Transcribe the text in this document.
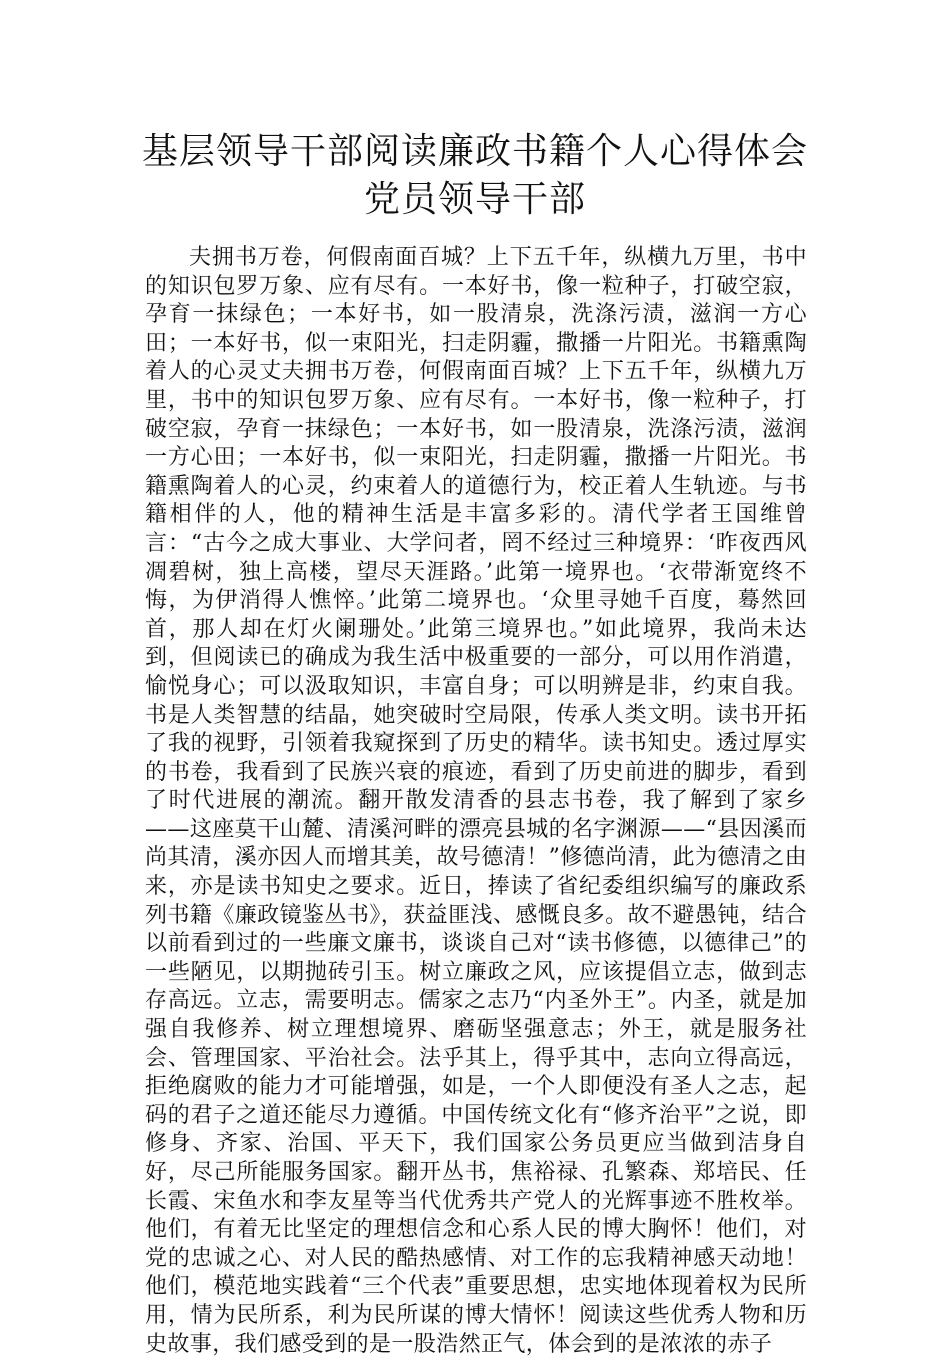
基层领导干部阅读廉政书籍个人心得体会
党员领导干部

夫拥书万卷，何假南面百城？上下五千年，纵横九万里，书中的知识包罗万象、应有尽有。一本好书，像一粒种子，打破空寂，孕育一抹绿色；一本好书，如一股清泉，洗涤污渍，滋润一方心田；一本好书，似一束阳光，扫走阴霾，撒播一片阳光。书籍熏陶着人的心灵丈夫拥书万卷，何假南面百城？上下五千年，纵横九万里，书中的知识包罗万象、应有尽有。一本好书，像一粒种子，打破空寂，孕育一抹绿色；一本好书，如一股清泉，洗涤污渍，滋润一方心田；一本好书，似一束阳光，扫走阴霾，撒播一片阳光。书籍熏陶着人的心灵，约束着人的道德行为，校正着人生轨迹。与书籍相伴的人，他的精神生活是丰富多彩的。清代学者王国维曾言：“古今之成大事业、大学问者，罔不经过三种境界：‘昨夜西风凋碧树，独上高楼，望尽天涯路。’此第一境界也。‘衣带渐宽终不悔，为伊消得人憔悴。’此第二境界也。‘众里寻她千百度，蓦然回首，那人却在灯火阑珊处。’此第三境界也。”如此境界，我尚未达到，但阅读已的确成为我生活中极重要的一部分，可以用作消遣，愉悦身心；可以汲取知识，丰富自身；可以明辨是非，约束自我。书是人类智慧的结晶，她突破时空局限，传承人类文明。读书开拓了我的视野，引领着我窥探到了历史的精华。读书知史。透过厚实的书卷，我看到了民族兴衰的痕迹，看到了历史前进的脚步，看到了时代进展的潮流。翻开散发清香的县志书卷，我了解到了家乡——这座莫干山麓、清溪河畔的漂亮县城的名字渊源——“县因溪而尚其清，溪亦因人而增其美，故号德清！”修德尚清，此为德清之由来，亦是读书知史之要求。近日，捧读了省纪委组织编写的廉政系列书籍《廉政镜鉴丛书》，获益匪浅、感慨良多。故不避愚钝，结合以前看到过的一些廉文廉书，谈谈自己对“读书修德，以德律己”的一些陋见，以期抛砖引玉。树立廉政之风，应该提倡立志，做到志存高远。立志，需要明志。儒家之志乃“内圣外王”。内圣，就是加强自我修养、树立理想境界、磨砺坚强意志；外王，就是服务社会、管理国家、平治社会。法乎其上，得乎其中，志向立得高远，拒绝腐败的能力才可能增强，如是，一个人即便没有圣人之志，起码的君子之道还能尽力遵循。中国传统文化有“修齐治平”之说，即修身、齐家、治国、平天下，我们国家公务员更应当做到洁身自好，尽己所能服务国家。翻开丛书，焦裕禄、孔繁森、郑培民、任长霞、宋鱼水和李友星等当代优秀共产党人的光辉事迹不胜枚举。他们，有着无比坚定的理想信念和心系人民的博大胸怀！他们，对党的忠诚之心、对人民的酷热感情、对工作的忘我精神感天动地！他们，模范地实践着“三个代表”重要思想，忠实地体现着权为民所用，情为民所系，利为民所谋的博大情怀！阅读这些优秀人物和历史故事，我们感受到的是一股浩然正气，体会到的是浓浓的赤子
